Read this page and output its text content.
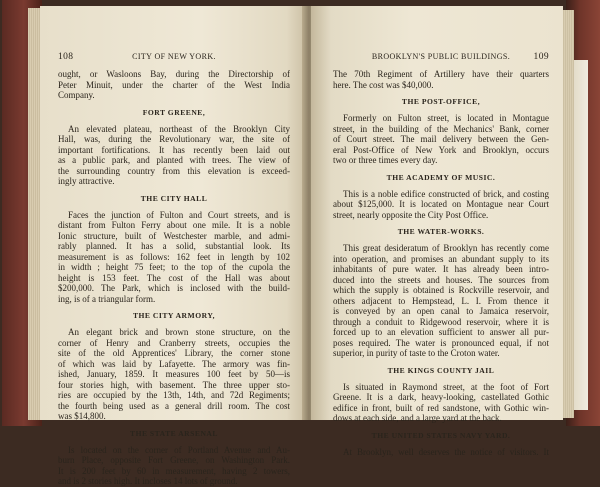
108	CITY OF NEW YORK.
ought, or Wasloons Bay, during the Directorship of
Peter Minuit, under the charter of the West India
Company.
FORT GREENE,
An elevated plateau, northeast of the Brooklyn City
Hall, was, during the Revolutionary war, the site of
important fortifications. It has recently been laid out
as a public park, and planted with trees. The view of
the surrounding country from this elevation is exceed-
ingly attractive.
THE CITY HALL
Faces the junction of Fulton and Court streets, and is
distant from Fulton Ferry about one mile. It is a noble
Ionic structure, built of Westchester marble, and admi-
rably planned. It has a solid, substantial look. Its
measurement is as follows: 162 feet in length by 102
in width ; height 75 feet; to the top of the cupola the
height is 153 feet. The cost of the Hall was about
$200,000. The Park, which is inclosed with the build-
ing, is of a triangular form.
THE CITY ARMORY,
An elegant brick and brown stone structure, on the
corner of Henry and Cranberry streets, occupies the
site of the old Apprentices' Library, the corner stone
of which was laid by Lafayette. The armory was fin-
ished, January, 1859. It measures 100 feet by 50—is
four stories high, with basement. The three upper sto-
ries are occupied by the 13th, 14th, and 72d Regiments;
the fourth being used as a general drill room. The cost
was $14,800.
THE STATE ARSENAL
Is located on the corner of Portland Avenue and Au-
burn Place, opposite Fort Greene, on Washington Park.
It is 200 feet by 60 in measurement, having 2 towers,
and is 2 stories high. It incloses 14 lots of ground.
BROOKLYN'S PUBLIC BUILDINGS.	109
The 70th Regiment of Artillery have their quarters
here. The cost was $40,000.
THE POST-OFFICE,
Formerly on Fulton street, is located in Montague
street, in the building of the Mechanics' Bank, corner
of Court street. The mail delivery between the Gen-
eral Post-Office of New York and Brooklyn, occurs
two or three times every day.
THE ACADEMY OF MUSIC.
This is a noble edifice constructed of brick, and costing
about $125,000. It is located on Montague near Court
street, nearly opposite the City Post Office.
THE WATER-WORKS.
This great desideratum of Brooklyn has recently come
into operation, and promises an abundant supply to its
inhabitants of pure water. It has already been intro-
duced into the streets and houses. The sources from
which the supply is obtained is Rockville reservoir, and
others adjacent to Hempstead, L. I. From thence it
is conveyed by an open canal to Jamaica reservoir,
through a conduit to Ridgewood reservoir, where it is
forced up to an elevation sufficient to answer all pur-
poses required. The water is pronounced equal, if not
superior, in purity of taste to the Croton water.
THE KINGS COUNTY JAIL
Is situated in Raymond street, at the foot of Fort
Greene. It is a dark, heavy-looking, castellated Gothic
edifice in front, built of red sandstone, with Gothic win-
dows at each side, and a large yard at the back.
THE UNITED STATES NAVY YARD.
At Brooklyn, well deserves the notice of visitors. It
